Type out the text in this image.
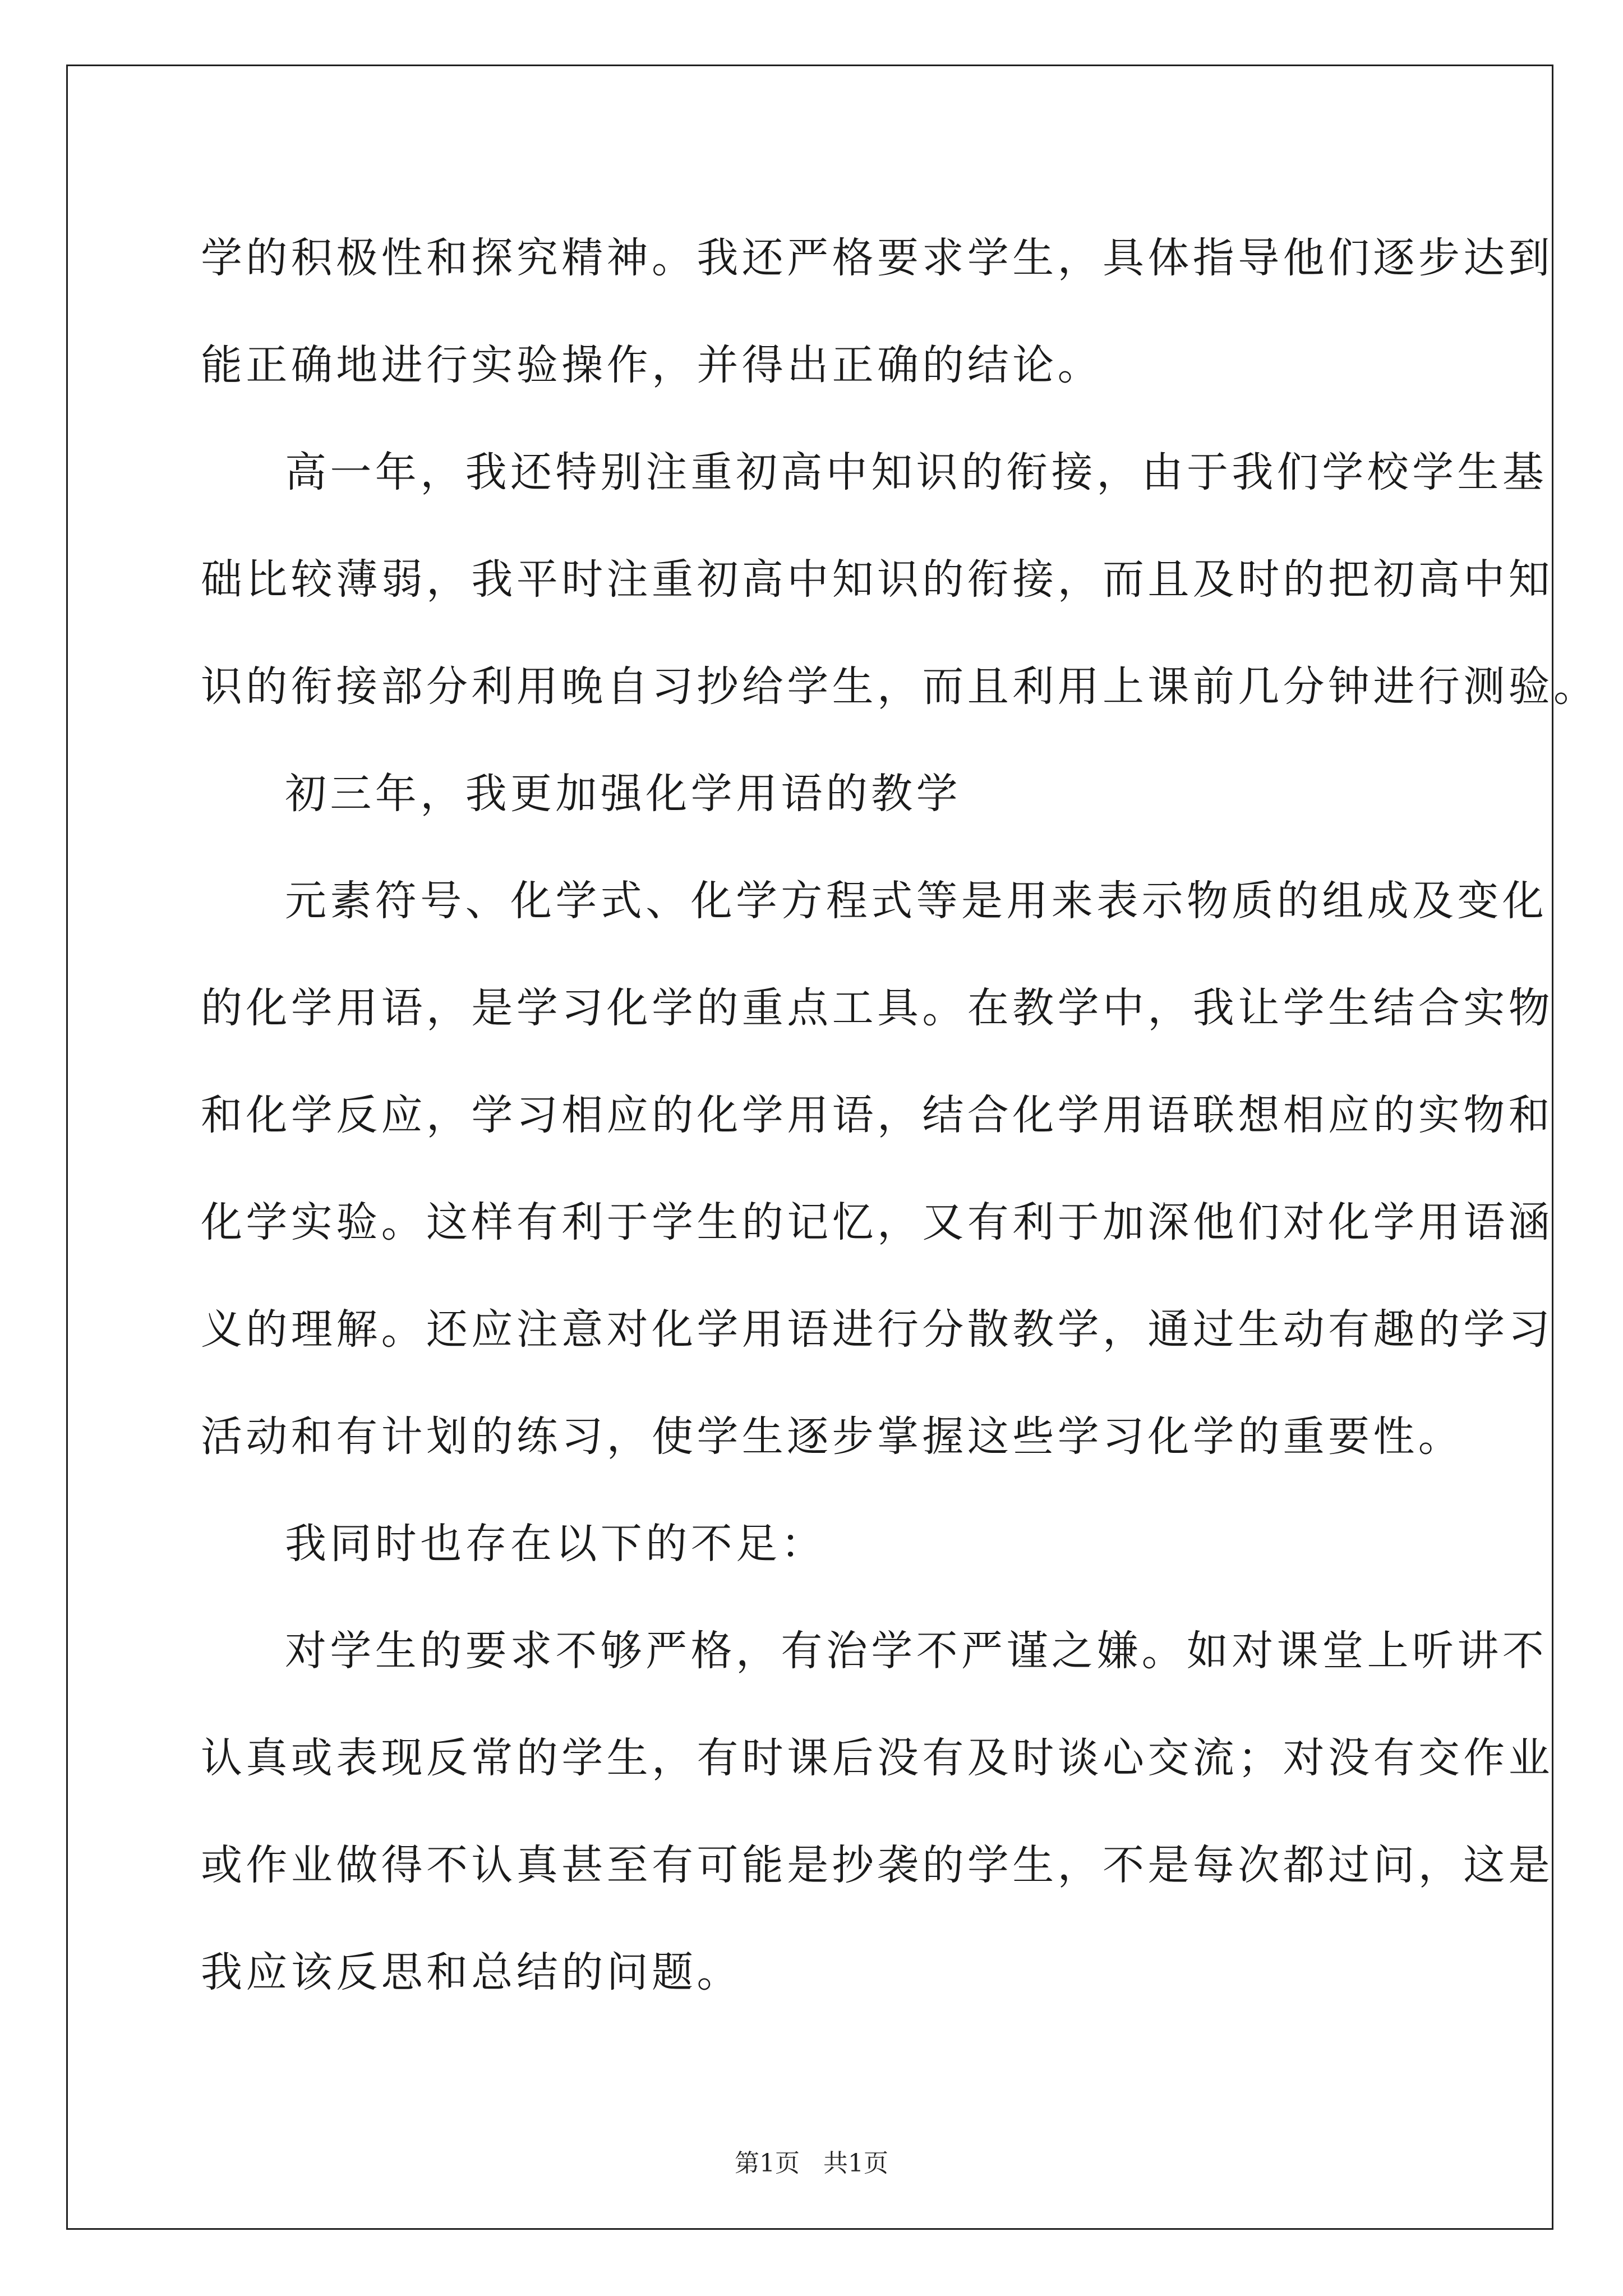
学的积极性和探究精神。我还严格要求学生，具体指导他们逐步达到

能正确地进行实验操作，并得出正确的结论。

高一年，我还特别注重初高中知识的衔接，由于我们学校学生基

础比较薄弱，我平时注重初高中知识的衔接，而且及时的把初高中知

识的衔接部分利用晚自习抄给学生，而且利用上课前几分钟进行测验。

初三年，我更加强化学用语的教学

元素符号、化学式、化学方程式等是用来表示物质的组成及变化

的化学用语，是学习化学的重点工具。在教学中，我让学生结合实物

和化学反应，学习相应的化学用语，结合化学用语联想相应的实物和

化学实验。这样有利于学生的记忆，又有利于加深他们对化学用语涵

义的理解。还应注意对化学用语进行分散教学，通过生动有趣的学习

活动和有计划的练习，使学生逐步掌握这些学习化学的重要性。

我同时也存在以下的不足：

对学生的要求不够严格，有治学不严谨之嫌。如对课堂上听讲不

认真或表现反常的学生，有时课后没有及时谈心交流；对没有交作业

或作业做得不认真甚至有可能是抄袭的学生，不是每次都过问，这是

我应该反思和总结的问题。

第1页   共1页
